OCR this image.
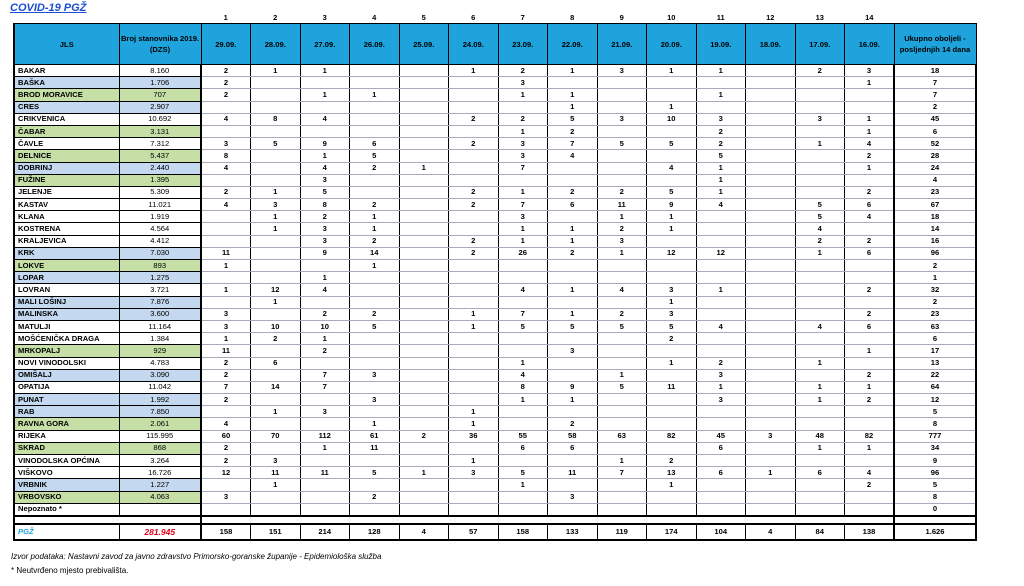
COVID-19 PGŽ
		1	2	3	4	5	6	7	8	9	10	11	12	13	14	
JLS	Broj stanovnika 2019. (DZS)	29.09.	28.09.	27.09.	26.09.	25.09.	24.09.	23.09.	22.09.	21.09.	20.09.	19.09.	18.09.	17.09.	16.09.	Ukupno oboljeli - posljednjih 14 dana
BAKAR	8.160	2	1	1			1	2	1	3	1	1		2	3	18
BAŠKA	1.706	2						3							1	7
BROD MORAVICE	707	2		1	1			1	1			1				7
CRES	2.907								1		1					2
CRIKVENICA	10.692	4	8	4			2	2	5	3	10	3		3	1	45
ČABAR	3.131							1	2			2			1	6
ČAVLE	7.312	3	5	9	6		2	3	7	5	5	2		1	4	52
DELNICE	5.437	8		1	5			3	4			5			2	28
DOBRINJ	2.440	4		4	2	1		7			4	1			1	24
FUŽINE	1.395			3								1				4
JELENJE	5.309	2	1	5			2	1	2	2	5	1			2	23
KASTAV	11.021	4	3	8	2		2	7	6	11	9	4		5	6	67
KLANA	1.919		1	2	1			3		1	1			5	4	18
KOSTRENA	4.564		1	3	1			1	1	2	1			4		14
KRALJEVICA	4.412			3	2		2	1	1	3				2	2	16
KRK	7.030	11		9	14		2	26	2	1	12	12		1	6	96
LOKVE	893	1			1											2
LOPAR	1.275			1												1
LOVRAN	3.721	1	12	4				4	1	4	3	1			2	32
MALI LOŠINJ	7.876		1								1					2
MALINSKA	3.600	3		2	2		1	7	1	2	3				2	23
MATULJI	11.164	3	10	10	5		1	5	5	5	5	4		4	6	63
MOŠĆENIČKA DRAGA	1.384	1	2	1							2					6
MRKOPALJ	929	11		2					3						1	17
NOVI VINODOLSKI	4.783	2	6					1			1	2		1		13
OMIŠALJ	3.090	2		7	3			4		1		3			2	22
OPATIJA	11.042	7	14	7				8	9	5	11	1		1	1	64
PUNAT	1.992	2			3			1	1			3		1	2	12
RAB	7.850		1	3			1									5
RAVNA GORA	2.061	4			1		1		2							8
RIJEKA	115.995	60	70	112	61	2	36	55	58	63	82	45	3	48	82	777
SKRAD	868	2		1	11			6	6			6		1	1	34
VINODOLSKA OPĆINA	3.264	2	3				1			1	2					9
VIŠKOVO	16.726	12	11	11	5	1	3	5	11	7	13	6	1	6	4	96
VRBNIK	1.227		1					1			1				2	5
VRBOVSKO	4.063	3			2				3							8
Nepoznato *																0

PGŽ	281.945	158	151	214	128	4	57	158	133	119	174	104	4	84	138	1.626
Izvor podataka: Nastavni zavod za javno zdravstvo Primorsko-goranske županije - Epidemiološka služba
* Neutvrđeno mjesto prebivališta.
